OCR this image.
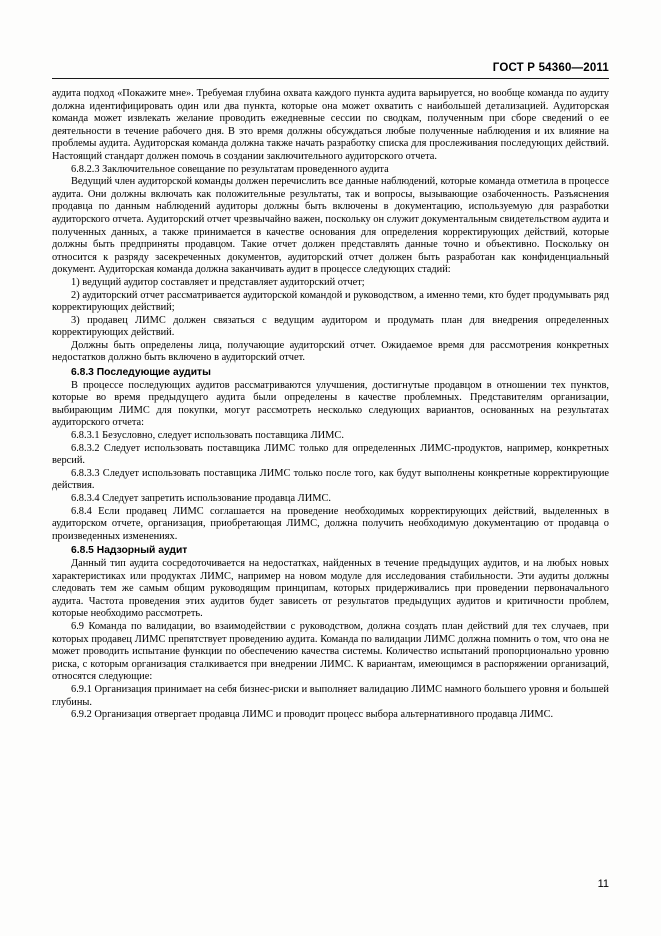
ГОСТ Р 54360—2011

аудита подход «Покажите мне». Требуемая глубина охвата каждого пункта аудита варьируется, но вообще команда по аудиту должна идентифицировать один или два пункта, которые она может охватить с наибольшей детализацией. Аудиторская команда может извлекать желание проводить ежедневные сессии по сводкам, полученным при сборе сведений о ее деятельности в течение рабочего дня. В это время должны обсуждаться любые полученные наблюдения и их влияние на проблемы аудита. Аудиторская команда должна также начать разработку списка для прослеживания последующих действий. Настоящий стандарт должен помочь в создании заключительного аудиторского отчета.

6.8.2.3 Заключительное совещание по результатам проведенного аудита

Ведущий член аудиторской команды должен перечислить все данные наблюдений, которые команда отметила в процессе аудита. Они должны включать как положительные результаты, так и вопросы, вызывающие озабоченность. Разъяснения продавца по данным наблюдений аудиторы должны быть включены в документацию, используемую для разработки аудиторского отчета. Аудиторский отчет чрезвычайно важен, поскольку он служит документальным свидетельством аудита и полученных данных, а также принимается в качестве основания для определения корректирующих действий, которые должны быть предприняты продавцом. Такие отчет должен представлять данные точно и объективно. Поскольку он относится к разряду засекреченных документов, аудиторский отчет должен быть разработан как конфиденциальный документ. Аудиторская команда должна заканчивать аудит в процессе следующих стадий:

1) ведущий аудитор составляет и представляет аудиторский отчет;

2) аудиторский отчет рассматривается аудиторской командой и руководством, а именно теми, кто будет продумывать ряд корректирующих действий;

3) продавец ЛИМС должен связаться с ведущим аудитором и продумать план для внедрения определенных корректирующих действий.

Должны быть определены лица, получающие аудиторский отчет. Ожидаемое время для рассмотрения конкретных недостатков должно быть включено в аудиторский отчет.

6.8.3 Последующие аудиты

В процессе последующих аудитов рассматриваются улучшения, достигнутые продавцом в отношении тех пунктов, которые во время предыдущего аудита были определены в качестве проблемных. Представителям организации, выбирающим ЛИМС для покупки, могут рассмотреть несколько следующих вариантов, основанных на результатах аудиторского отчета:

6.8.3.1 Безусловно, следует использовать поставщика ЛИМС.

6.8.3.2 Следует использовать поставщика ЛИМС только для определенных ЛИМС-продуктов, например, конкретных версий.

6.8.3.3 Следует использовать поставщика ЛИМС только после того, как будут выполнены конкретные корректирующие действия.

6.8.3.4 Следует запретить использование продавца ЛИМС.

6.8.4 Если продавец ЛИМС соглашается на проведение необходимых корректирующих действий, выделенных в аудиторском отчете, организация, приобретающая ЛИМС, должна получить необходимую документацию от продавца о произведенных изменениях.

6.8.5 Надзорный аудит

Данный тип аудита сосредоточивается на недостатках, найденных в течение предыдущих аудитов, и на любых новых характеристиках или продуктах ЛИМС, например на новом модуле для исследования стабильности. Эти аудиты должны следовать тем же самым общим руководящим принципам, которых придерживались при проведении первоначального аудита. Частота проведения этих аудитов будет зависеть от результатов предыдущих аудитов и критичности проблем, которые необходимо рассмотреть.

6.9 Команда по валидации, во взаимодействии с руководством, должна создать план действий для тех случаев, при которых продавец ЛИМС препятствует проведению аудита. Команда по валидации ЛИМС должна помнить о том, что она не может проводить испытание функции по обеспечению качества системы. Количество испытаний пропорционально уровню риска, с которым организация сталкивается при внедрении ЛИМС. К вариантам, имеющимся в распоряжении организаций, относятся следующие:

6.9.1 Организация принимает на себя бизнес-риски и выполняет валидацию ЛИМС намного большего уровня и большей глубины.

6.9.2 Организация отвергает продавца ЛИМС и проводит процесс выбора альтернативного продавца ЛИМС.

11
